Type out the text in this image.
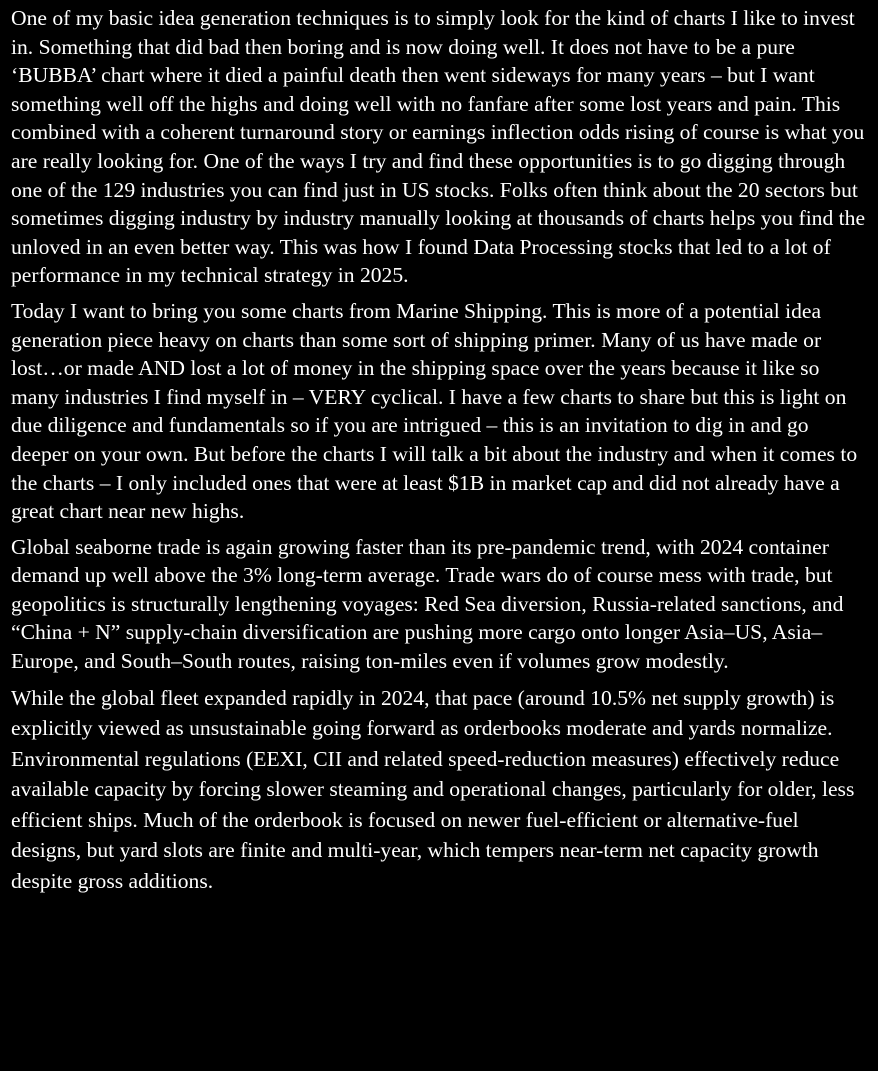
One of my basic idea generation techniques is to simply look for the kind of charts I like to invest in. Something that did bad then boring and is now doing well. It does not have to be a pure ‘BUBBA’ chart where it died a painful death then went sideways for many years – but I want something well off the highs and doing well with no fanfare after some lost years and pain. This combined with a coherent turnaround story or earnings inflection odds rising of course is what you are really looking for. One of the ways I try and find these opportunities is to go digging through one of the 129 industries you can find just in US stocks. Folks often think about the 20 sectors but sometimes digging industry by industry manually looking at thousands of charts helps you find the unloved in an even better way. This was how I found Data Processing stocks that led to a lot of performance in my technical strategy in 2025.

Today I want to bring you some charts from Marine Shipping. This is more of a potential idea generation piece heavy on charts than some sort of shipping primer. Many of us have made or lost…or made AND lost a lot of money in the shipping space over the years because it like so many industries I find myself in – VERY cyclical. I have a few charts to share but this is light on due diligence and fundamentals so if you are intrigued – this is an invitation to dig in and go deeper on your own. But before the charts I will talk a bit about the industry and when it comes to the charts – I only included ones that were at least $1B in market cap and did not already have a great chart near new highs.

Global seaborne trade is again growing faster than its pre-pandemic trend, with 2024 container demand up well above the 3% long-term average. Trade wars do of course mess with trade, but geopolitics is structurally lengthening voyages: Red Sea diversion, Russia-related sanctions, and “China + N” supply-chain diversification are pushing more cargo onto longer Asia–US, Asia–Europe, and South–South routes, raising ton-miles even if volumes grow modestly.

While the global fleet expanded rapidly in 2024, that pace (around 10.5% net supply growth) is explicitly viewed as unsustainable going forward as orderbooks moderate and yards normalize. Environmental regulations (EEXI, CII and related speed-reduction measures) effectively reduce available capacity by forcing slower steaming and operational changes, particularly for older, less efficient ships. Much of the orderbook is focused on newer fuel-efficient or alternative-fuel designs, but yard slots are finite and multi-year, which tempers near-term net capacity growth despite gross additions.
